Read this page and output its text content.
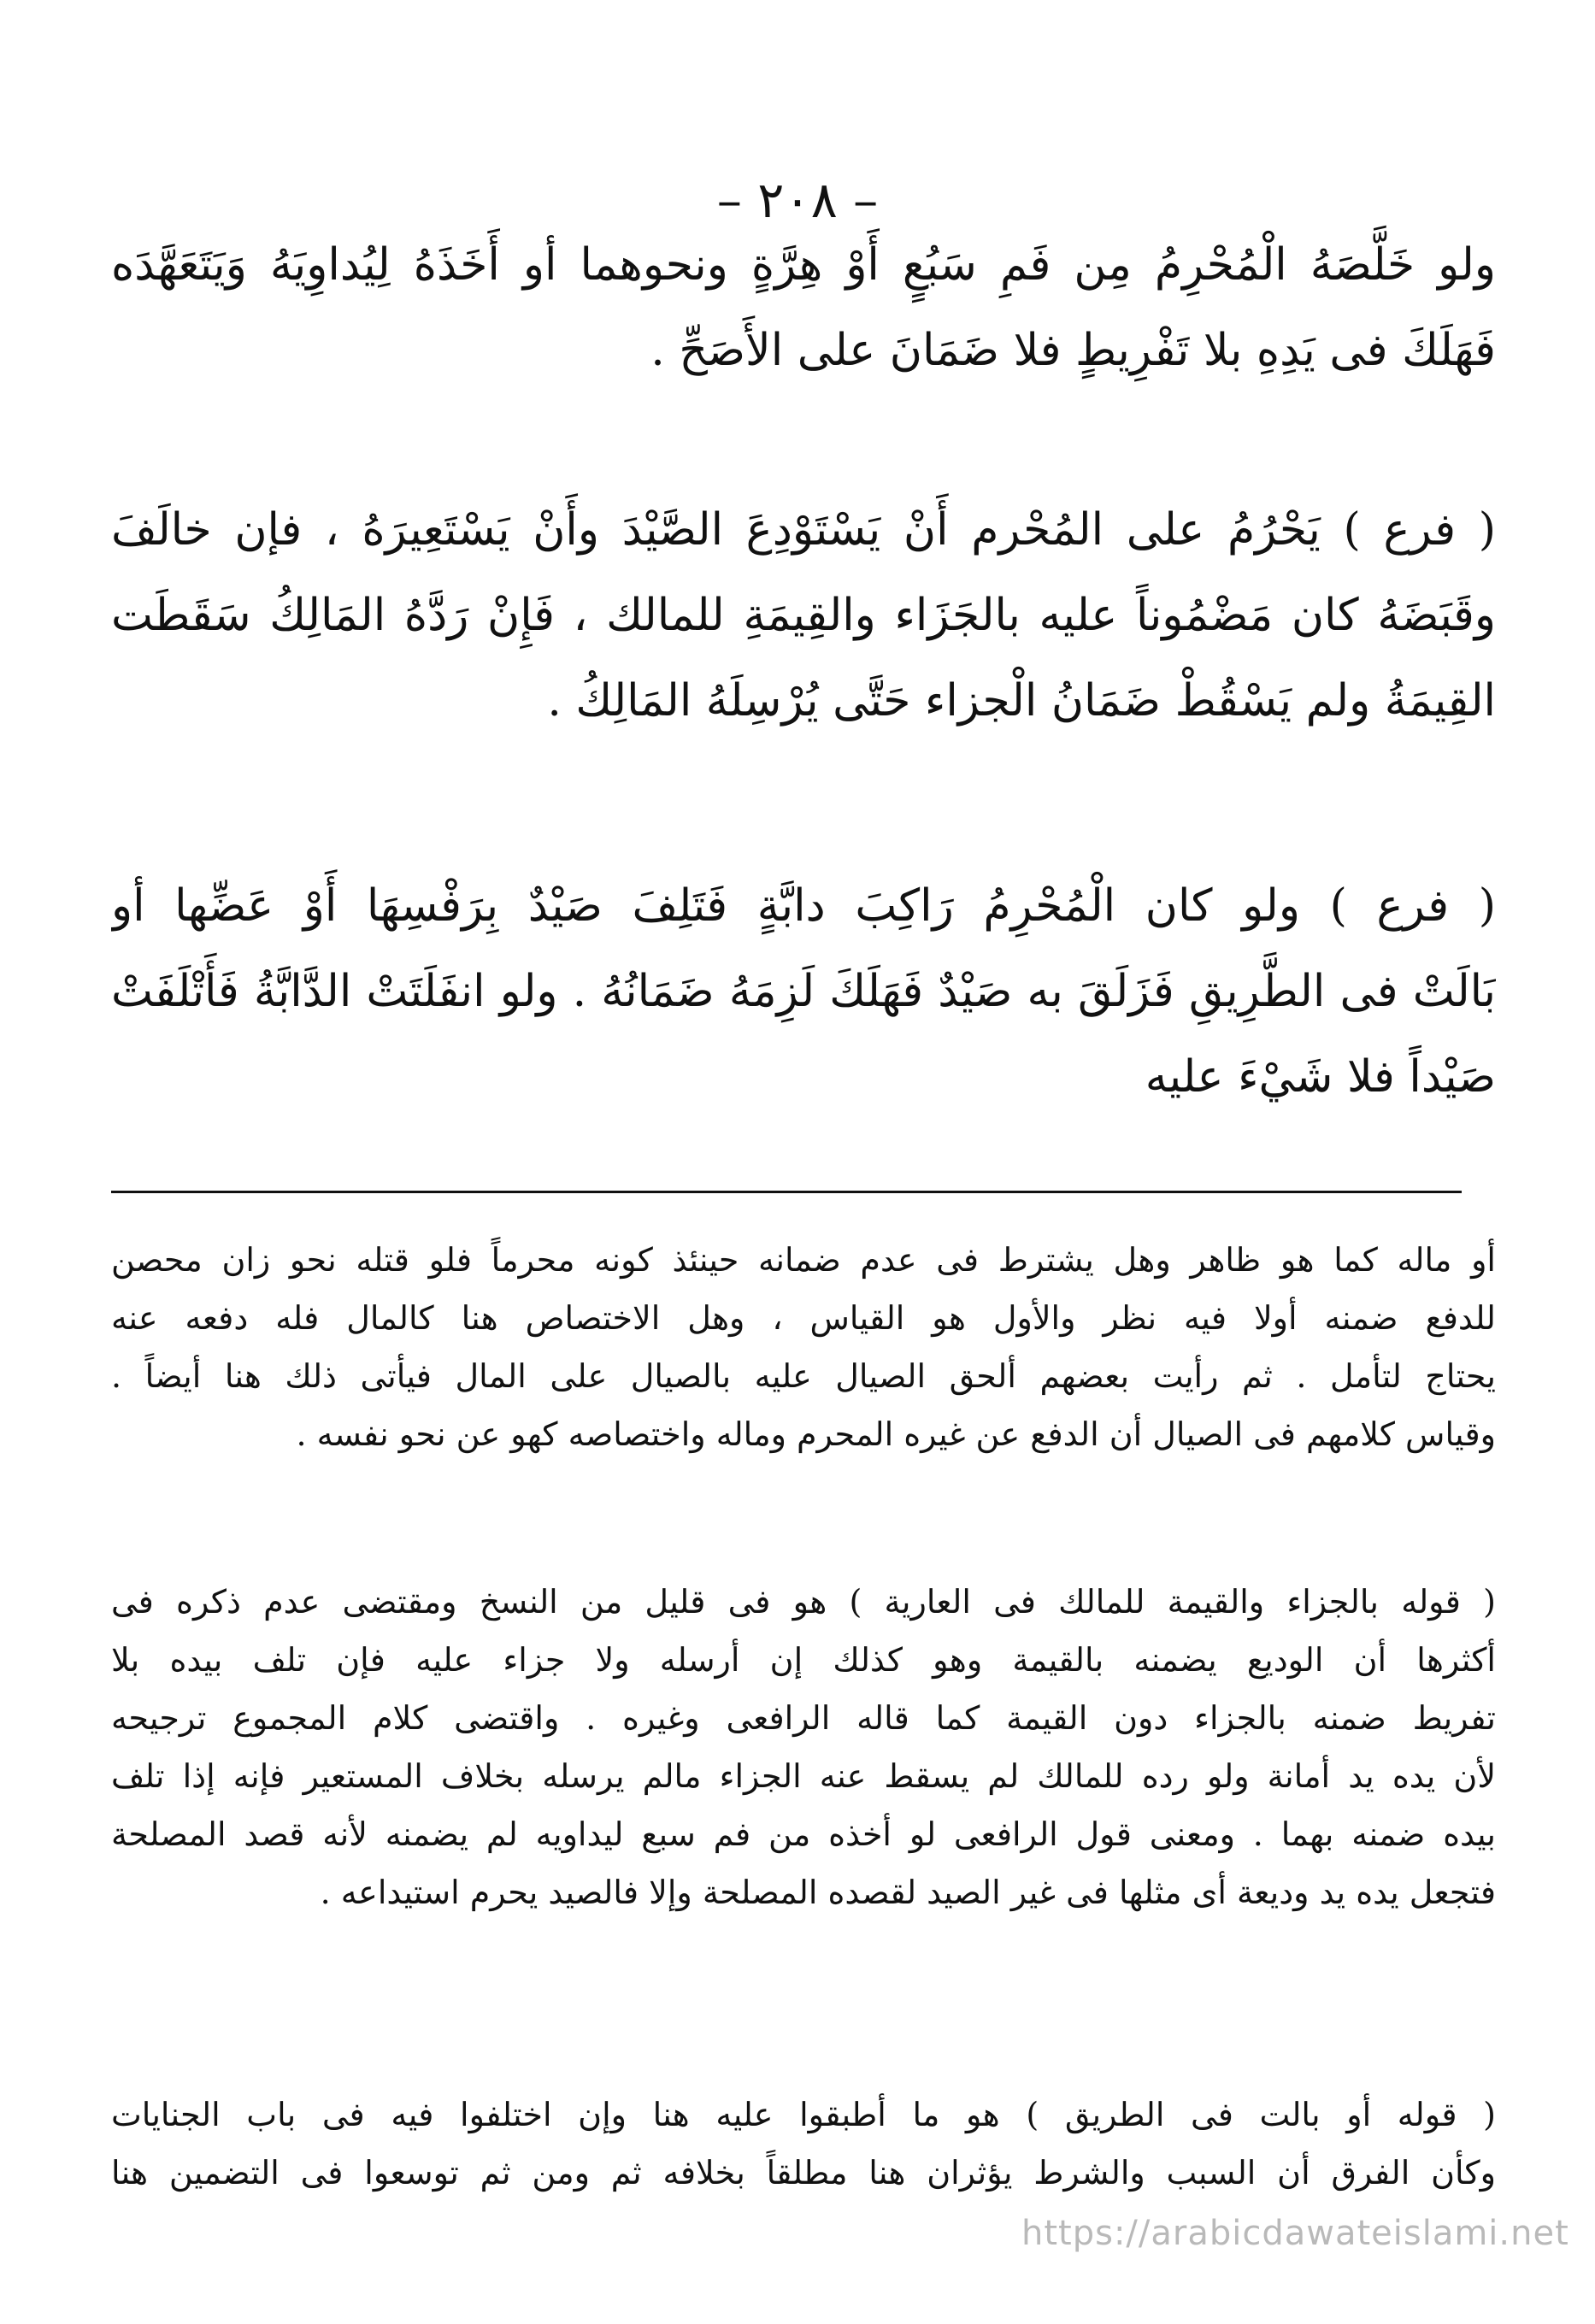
– ٢٠٨ –
ولو خَلَّصَهُ الْمُحْرِمُ مِن فَمِ سَبُعٍ أَوْ هِرَّةٍ ونحوهما أو أَخَذَهُ لِيُداوِيَهُ وَيَتَعَهَّدَه
فَهَلَكَ فى يَدِهِ بلا تَفْرِيطٍ فلا ضَمَانَ على الأَصَحِّ .
( فرع ) يَحْرُمُ على المُحْرم أَنْ يَسْتَوْدِعَ الصَّيْدَ وأَنْ يَسْتَعِيرَهُ ، فإن خالَفَ
وقَبَضَهُ كان مَضْمُوناً عليه بالجَزَاء والقِيمَةِ للمالك ، فَإِنْ رَدَّهُ المَالِكُ سَقَطَت
القِيمَةُ ولم يَسْقُطْ ضَمَانُ الْجزاء حَتَّى يُرْسِلَهُ المَالِكُ .
( فرع ) ولو كان الْمُحْرِمُ رَاكِبَ دابَّةٍ فَتَلِفَ صَيْدٌ بِرَفْسِهَا أَوْ عَضِّها أو
بَالَتْ فى الطَّرِيقِ فَزَلَقَ به صَيْدٌ فَهَلَكَ لَزِمَهُ ضَمَانُهُ . ولو انفَلَتَتْ الدَّابَّةُ فَأَتْلَفَتْ
صَيْداً فلا شَيْءَ عليه
أو ماله كما هو ظاهر وهل يشترط فى عدم ضمانه حينئذ كونه محرماً فلو قتله نحو زان محصن
للدفع ضمنه أولا فيه نظر والأول هو القياس ، وهل الاختصاص هنا كالمال فله دفعه عنه
يحتاج لتأمل . ثم رأيت بعضهم ألحق الصيال عليه بالصيال على المال فيأتى ذلك هنا أيضاً .
وقياس كلامهم فى الصيال أن الدفع عن غيره المحرم وماله واختصاصه كهو عن نحو نفسه .
( قوله بالجزاء والقيمة للمالك فى العارية ) هو فى قليل من النسخ ومقتضى عدم ذكره فى
أكثرها أن الوديع يضمنه بالقيمة وهو كذلك إن أرسله ولا جزاء عليه فإن تلف بيده بلا
تفريط ضمنه بالجزاء دون القيمة كما قاله الرافعى وغيره . واقتضى كلام المجموع ترجيحه
لأن يده يد أمانة ولو رده للمالك لم يسقط عنه الجزاء مالم يرسله بخلاف المستعير فإنه إذا تلف
بيده ضمنه بهما . ومعنى قول الرافعى لو أخذه من فم سبع ليداويه لم يضمنه لأنه قصد المصلحة
فتجعل يده يد وديعة أى مثلها فى غير الصيد لقصده المصلحة وإلا فالصيد يحرم استيداعه .
( قوله أو بالت فى الطريق ) هو ما أطبقوا عليه هنا وإن اختلفوا فيه فى باب الجنايات
وكأن الفرق أن السبب والشرط يؤثران هنا مطلقاً بخلافه ثم ومن ثم توسعوا فى التضمين هنا
https://arabicdawateislami.net
